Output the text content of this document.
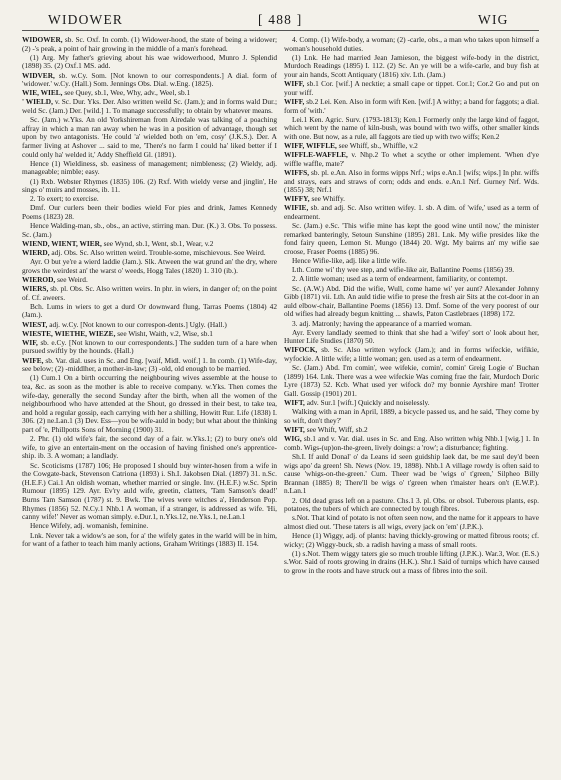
WIDOWER	[ 488 ]	WIG

WIDOWER, sb. Sc. Oxf. In comb. (1) Widower-hood, the state of being a widower; (2) -'s peak, a point of hair growing in the middle of a man's forehead.

(1) Arg. My father's grieving about his wae widowerhood, Munro J. Splendid (1898) 35. (2) Oxf.1 MS. add.

WIDVER, sb. w.Cy. Som. [Not known to our correspondents.] A dial. form of 'widower.' w.Cy. (Hall.) Som. Jennings Obs. Dial. w.Eng. (1825).

WIE, WIEL, see Quey, sb.1, Wee, Why, adv., Weel, sb.1

' WIELD, v. Sc. Dur. Yks. Der. Also written weild Sc. (Jam.); and in forms wald Dur.; weld Sc. (Jam.) Der. [wild.] 1. To manage successfully; to obtain by whatever means.

Sc. (Jam.) w.Yks. An old Yorkshireman from Airedale was talking of a poaching affray in which a man ran away when he was in a position of advantage, though set upon by two antagonists. 'He could 'a' wielded both on 'em, cosy' (J.K.S.). Der. A farmer living at Ashover ... said to me, 'There's no farm I could ha' liked better if I could only ha' welded it,' Addy Sheffield Gl. (1891).

Hence (1) Wieldiness, sb. easiness of management; nimbleness; (2) Wieldy, adj. manageable; nimble; easy.

(1) Rxb. Webster Rhymes (1835) 106. (2) Rxf. With wieldy verse and jinglin', He sings o' muirs and mosses, ib. 11.

2. To exert; to exercise.

Dmf. Our curlers been their bodies wield For pies and drink, James Kennedy Poems (1823) 28.

Hence Walding-man, sb., obs., an active, stirring man. Dur. (K.) 3. Obs. To possess. Sc. (Jam.)

WIEND, WIENT, WIER, see Wynd, sb.1, Went, sb.1, Wear, v.2

WIERD, adj. Obs. Sc. Also written weird. Trouble-some, mischievous. See Weird.

Ayr. O but ye're a wierd laddie (Jam.). Slk. Atween the wat grund an' the dry, where grows the weirdest an' the warst o' weeds, Hogg Tales (1820) 1. 310 (ib.).

WIEROD, see Weird.

WIERS, sb. pl. Obs. Sc. Also written weirs. In phr. in wiers, in danger of; on the point of. Cf. aweers.

Bch. Lums in wiers to get a durd Or downward flung, Tarras Poems (1804) 42 (Jam.).

WIEST, adj. w.Cy. [Not known to our correspon-dents.] Ugly. (Hall.)

WIESTE, WIETHE, WIEZE, see Wisht, Waith, v.2, Wise, sb.1

WIF, sb. e.Cy. [Not known to our correspondents.] The sudden turn of a hare when pursued swiftly by the hounds. (Hall.)

WIFE, sb. Var. dial. uses in Sc. and Eng. [waif, Midl. woif.] 1. In comb. (1) Wife-day, see below; (2) -middlher, a mother-in-law; (3) -old, old enough to be married.

(1) Cum.1 On a birth occurring the neighbouring wives assemble at the house to tea, &c. as soon as the mother is able to receive company. w.Yks. Then comes the wife-day, generally the second Sunday after the birth, when all the women of the neighbourhood who have attended at the Shout, go dressed in their best, to take tea, and hold a regular gossip, each carrying with her a shilling, Howitt Rur. Life (1838) I. 306. (2) ne.Lan.1 (3) Dev. Ess—you be wife-auld in body; but what about the thinking part of 'e, Phillpotts Sons of Morning (1900) 31.

2. Phr. (1) old wife's fair, the second day of a fair. w.Yks.1; (2) to bury one's old wife, to give an entertain-ment on the occasion of having finished one's apprentice-ship. ib. 3. A woman; a landlady.

Sc. Scoticisms (1787) 106; He proposed I should buy winter-hosen from a wife in the Cowgate-back, Stevenson Catriona (1893) i. Sh.I. Jakobsen Dial. (1897) 31. n.Sc. (H.E.F.) Cai.1 An oldish woman, whether married or single. Inv. (H.E.F.) w.Sc. Sprin Rumour (1895) 129. Ayr. Ev'ry auld wife, greetin, clatters, 'Tam Samson's dead!' Burns Tam Samson (1787) st. 9. Bwk. The wives were witches a', Henderson Pop. Rhymes (1856) 52. N.Cy.1 Nhb.1 A woman, if a stranger, is addressed as wife. 'Hi, canny wife!' Never as woman simply. e.Dur.1, n.Yks.12, ne.Yks.1, ne.Lan.1

Hence Wifely, adj. womanish, feminine.

Lnk. Never tak a widow's ae son, for a' the wifely gates in the warld will be in him, for want of a father to teach him manly actions, Graham Writings (1883) II. 154.

4. Comp. (1) Wife-body, a woman; (2) -carle, obs., a man who takes upon himself a woman's household duties.

(1) Lnk. He had married Jean Jamieson, the biggest wife-body in the district, Murdoch Readings (1895) I. 112. (2) Sc. An ye will be a wife-carle, and buy fish at your ain hands, Scott Antiquary (1816) xiv. Lth. (Jam.)

WIFF, sb.1 Cor. [wif.] A necktie; a small cape or tippet. Cor.1; Cor.2 Go and put on your wiff.

WIFF, sb.2 Lei. Ken. Also in form wift Ken. [wif.] A withy; a band for faggots; a dial. form of 'with.'

Lei.1 Ken. Agric. Surv. (1793-1813); Ken.1 Formerly only the large kind of faggot, which went by the name of kiln-bush, was bound with two wiffs, other smaller kinds with one. But now, as a rule, all faggots are tied up with two wiffs; Ken.2

WIFF, WIFFLE, see Whiff, sb., Whiffle, v.2

WIFFLE-WAFFLE, v. Nhp.2 To whet a scythe or other implement. 'When d'ye wiffle waffle, mate?'

WIFFS, sb. pl. e.An. Also in forms wipps Nrf.; wips e.An.1 [wifs; wips.] In phr. wiffs and strays, ears and straws of corn; odds and ends. e.An.1 Nrf. Gurney Nrf. Wds. (1855) 38; Nrf.1

WIFFY, see Whiffy.

WIFIE, sb. and adj. Sc. Also written wifey. 1. sb. A dim. of 'wife,' used as a term of endearment.

Sc. (Jam.) e.Sc. 'This wifie mine has kept the good wine until now,' the minister remarked banteringly, Setoun Sunshine (1895) 281. Lnk. My wifie presides like the fond fairy queen, Lemon St. Mungo (1844) 20. Wgt. My bairns an' my wifie sae croose, Fraser Poems (1885) 96.

Hence Wifie-like, adj. like a little wife.

Lth. Come wi' thy wee step, and wifie-like air, Ballantine Poems (1856) 39.

2. A little woman; used as a term of endearment, familiarity, or contempt.

Sc. (A.W.) Abd. Did the wifie, Wull, come hame wi' yer aunt? Alexander Johnny Gibb (1871) vii. Lth. An auld tidie wifie to prese the fresh air Sits at the cot-door in an auld elbow-chair, Ballantine Poems (1856) 13. Dmf. Some of the very poorest of our old wifies had already begun knitting ... shawls, Paton Castlebraes (1898) 172.

3. adj. Matronly; having the appearance of a married woman.

Ayr. Every landlady seemed to think that she had a 'wifey' sort o' look about her, Hunter Life Studies (1870) 50.

WIFOCK, sb. Sc. Also written wyfock (Jam.); and in forms wifeckie, wifikie, wyfockie. A little wife; a little woman; gen. used as a term of endearment.

Sc. (Jam.) Abd. I'm comin', wee wifekie, comin', comin' Greig Logie o' Buchan (1899) 164. Lnk. There was a wee wifeckie Was coming frae the fair, Murdoch Doric Lyre (1873) 52. Kcb. What used yer wifock do? my bonnie Ayrshire man! Trotter Gall. Gossip (1901) 201.

WIFT, adv. Sur.1 [wift.] Quickly and noiselessly.

Walking with a man in April, 1889, a bicycle passed us, and he said, 'They come by so wift, don't they?'

WIFT, see Whift, Wiff, sb.2

WIG, sb.1 and v. Var. dial. uses in Sc. and Eng. Also written whig Nhb.1 [wig.] 1. In comb. Wigs-(up)on-the-green, lively doings: a 'row'; a disturbance; fighting.

Sh.I. If auld Donal' o' da Leans id seen guidship laek dat, be me saul dey'd been wigs apo' da green! Sh. News (Nov. 19, 1898). Nhb.1 A village rowdy is often said to cause 'whigs-on-the-green.' Cum. Theer wad be 'wigs o' t'green,' Silpheo Billy Brannan (1885) 8; There'll be wigs o' t'green when t'maister hears on't (E.W.P.). n.Lan.1

2. Old dead grass left on a pasture. Chs.1 3. pl. Obs. or obsol. Tuberous plants, esp. potatoes, the tubers of which are connected by tough fibres.

s.Not. That kind of potato is not often seen now, and the name for it appears to have almost died out. 'These taters is all wigs, every jack on 'em' (J.P.K.).

Hence (1) Wiggy, adj. of plants: having thickly-growing or matted fibrous roots; cf. wicky; (2) Wiggy-buck, sb. a radish having a mass of small roots.

(1) s.Not. Them wiggy taters gie so much trouble lifting (J.P.K.). War.3, Wor. (E.S.) s.Wor. Said of roots growing in drains (H.K.). Shr.1 Said of turnips which have caused to grow in the roots and have struck out a mass of fibres into the soil.
